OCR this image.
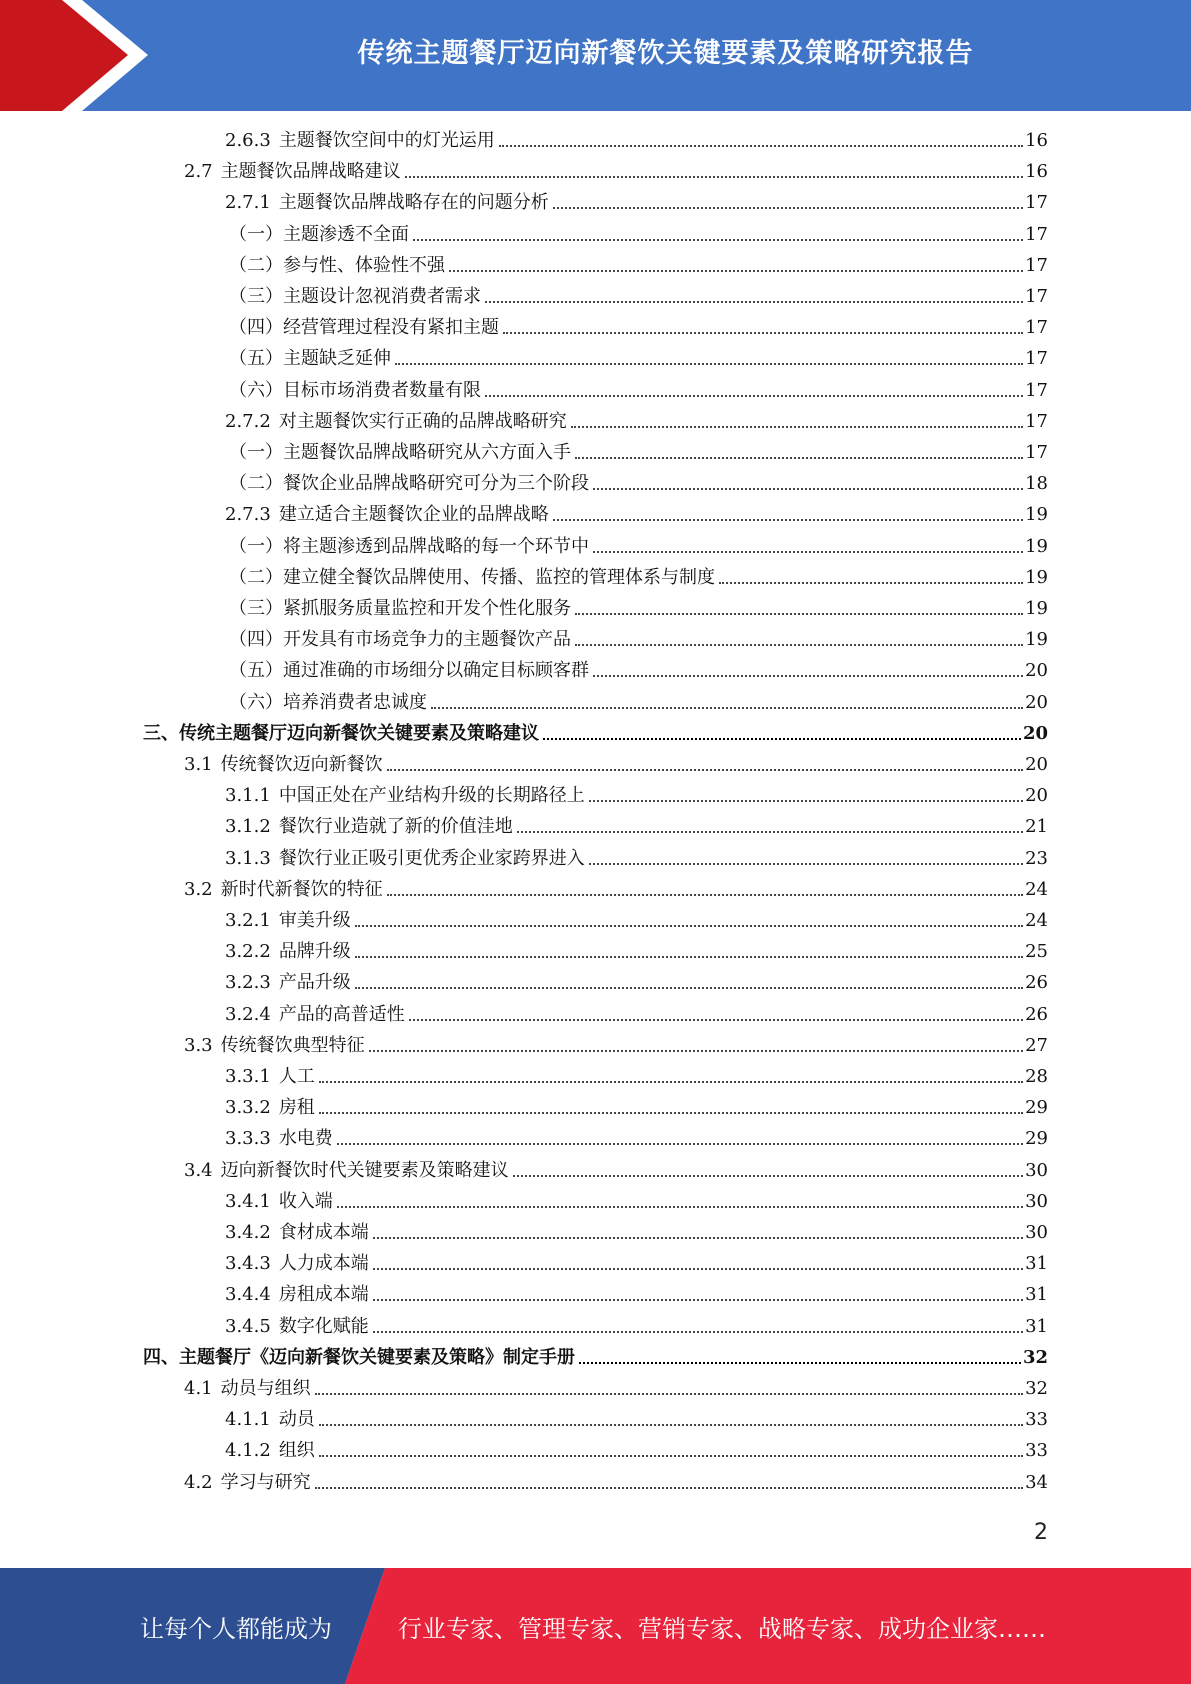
传统主题餐厅迈向新餐饮关键要素及策略研究报告
2.6.3 主题餐饮空间中的灯光运用	16
2.7 主题餐饮品牌战略建议	16
2.7.1 主题餐饮品牌战略存在的问题分析	17
（一）主题渗透不全面	17
（二）参与性、体验性不强	17
（三）主题设计忽视消费者需求	17
（四）经营管理过程没有紧扣主题	17
（五）主题缺乏延伸	17
（六）目标市场消费者数量有限	17
2.7.2 对主题餐饮实行正确的品牌战略研究	17
（一）主题餐饮品牌战略研究从六方面入手	17
（二）餐饮企业品牌战略研究可分为三个阶段	18
2.7.3 建立适合主题餐饮企业的品牌战略	19
（一）将主题渗透到品牌战略的每一个环节中	19
（二）建立健全餐饮品牌使用、传播、监控的管理体系与制度	19
（三）紧抓服务质量监控和开发个性化服务	19
（四）开发具有市场竞争力的主题餐饮产品	19
（五）通过准确的市场细分以确定目标顾客群	20
（六）培养消费者忠诚度	20
三、 传统主题餐厅迈向新餐饮关键要素及策略建议	20
3.1 传统餐饮迈向新餐饮	20
3.1.1 中国正处在产业结构升级的长期路径上	20
3.1.2 餐饮行业造就了新的价值洼地	21
3.1.3 餐饮行业正吸引更优秀企业家跨界进入	23
3.2 新时代新餐饮的特征	24
3.2.1 审美升级	24
3.2.2 品牌升级	25
3.2.3 产品升级	26
3.2.4 产品的高普适性	26
3.3 传统餐饮典型特征	27
3.3.1 人工	28
3.3.2 房租	29
3.3.3 水电费	29
3.4 迈向新餐饮时代关键要素及策略建议	30
3.4.1 收入端	30
3.4.2 食材成本端	30
3.4.3 人力成本端	31
3.4.4 房租成本端	31
3.4.5 数字化赋能	31
四、 主题餐厅《迈向新餐饮关键要素及策略》制定手册	32
4.1 动员与组织	32
4.1.1 动员	33
4.1.2 组织	33
4.2 学习与研究	34
2
让每个人都能成为	行业专家、管理专家、营销专家、战略专家、成功企业家……
